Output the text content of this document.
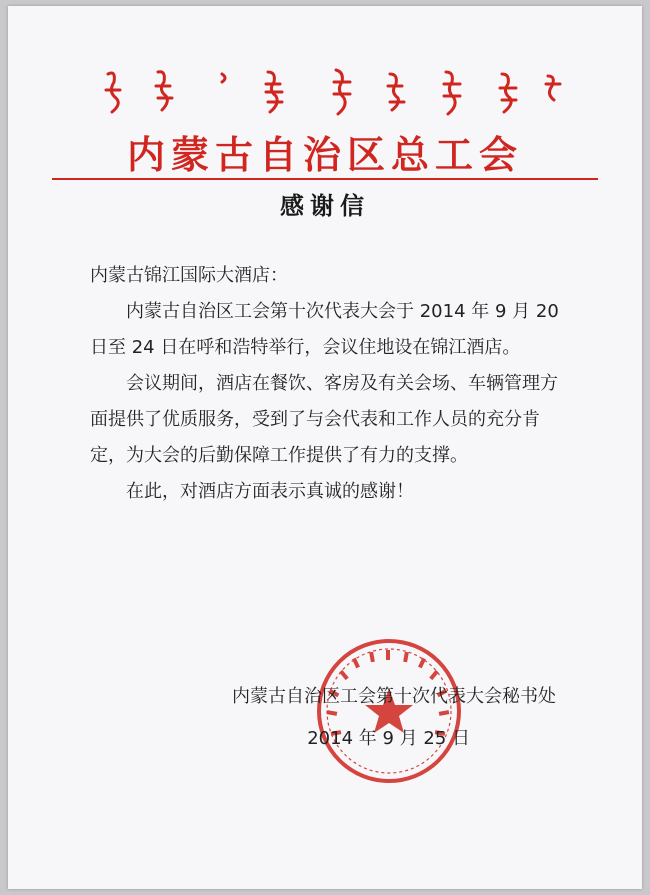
内蒙古自治区总工会
感谢信

内蒙古锦江国际大酒店：

内蒙古自治区工会第十次代表大会于 2014 年 9 月 20 日至 24 日在呼和浩特举行，会议住地设在锦江酒店。

会议期间，酒店在餐饮、客房及有关会场、车辆管理方面提供了优质服务，受到了与会代表和工作人员的充分肯定，为大会的后勤保障工作提供了有力的支撑。

在此，对酒店方面表示真诚的感谢！

内蒙古自治区工会第十次代表大会秘书处
2014 年 9 月 25 日
